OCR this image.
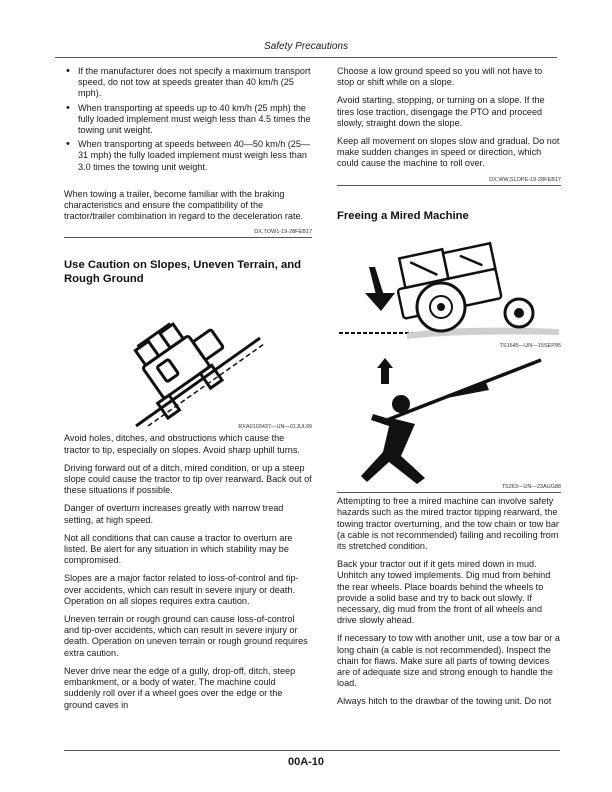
Safety Precautions
• If the manufacturer does not specify a maximum transport speed, do not tow at speeds greater than 40 km/h (25 mph).
• When transporting at speeds up to 40 km/h (25 mph) the fully loaded implement must weigh less than 4.5 times the towing unit weight.
• When transporting at speeds between 40—50 km/h (25—31 mph) the fully loaded implement must weigh less than 3.0 times the towing unit weight.

When towing a trailer, become familiar with the braking characteristics and ensure the compatibility of the tractor/trailer combination in regard to the deceleration rate.

DX,TOW1-19-28FEB17
Use Caution on Slopes, Uneven Terrain, and Rough Ground
RXA0103437—UN—01JUL09

Avoid holes, ditches, and obstructions which cause the tractor to tip, especially on slopes. Avoid sharp uphill turns.

Driving forward out of a ditch, mired condition, or up a steep slope could cause the tractor to tip over rearward. Back out of these situations if possible.

Danger of overturn increases greatly with narrow tread setting, at high speed.

Not all conditions that can cause a tractor to overturn are listed. Be alert for any situation in which stability may be compromised.

Slopes are a major factor related to loss-of-control and tip-over accidents, which can result in severe injury or death. Operation on all slopes requires extra caution.

Uneven terrain or rough ground can cause loss-of-control and tip-over accidents, which can result in severe injury or death. Operation on uneven terrain or rough ground requires extra caution.

Never drive near the edge of a gully, drop-off, ditch, steep embankment, or a body of water. The machine could suddenly roll over if a wheel goes over the edge or the ground caves in

Choose a low ground speed so you will not have to stop or shift while on a slope.

Avoid starting, stopping, or turning on a slope. If the tires lose traction, disengage the PTO and proceed slowly, straight down the slope.

Keep all movement on slopes slow and gradual. Do not make sudden changes in speed or direction, which could cause the machine to roll over.

DX,WW,SLOPE-19-28FEB17
Freeing a Mired Machine
TS1645—UN—15SEP95
TS263—UN—23AUG88

Attempting to free a mired machine can involve safety hazards such as the mired tractor tipping rearward, the towing tractor overturning, and the tow chain or tow bar (a cable is not recommended) failing and recoiling from its stretched condition.

Back your tractor out if it gets mired down in mud. Unhitch any towed implements. Dig mud from behind the rear wheels. Place boards behind the wheels to provide a solid base and try to back out slowly. If necessary, dig mud from the front of all wheels and drive slowly ahead.

If necessary to tow with another unit, use a tow bar or a long chain (a cable is not recommended). Inspect the chain for flaws. Make sure all parts of towing devices are of adequate size and strong enough to handle the load.

Always hitch to the drawbar of the towing unit. Do not

00A-10
